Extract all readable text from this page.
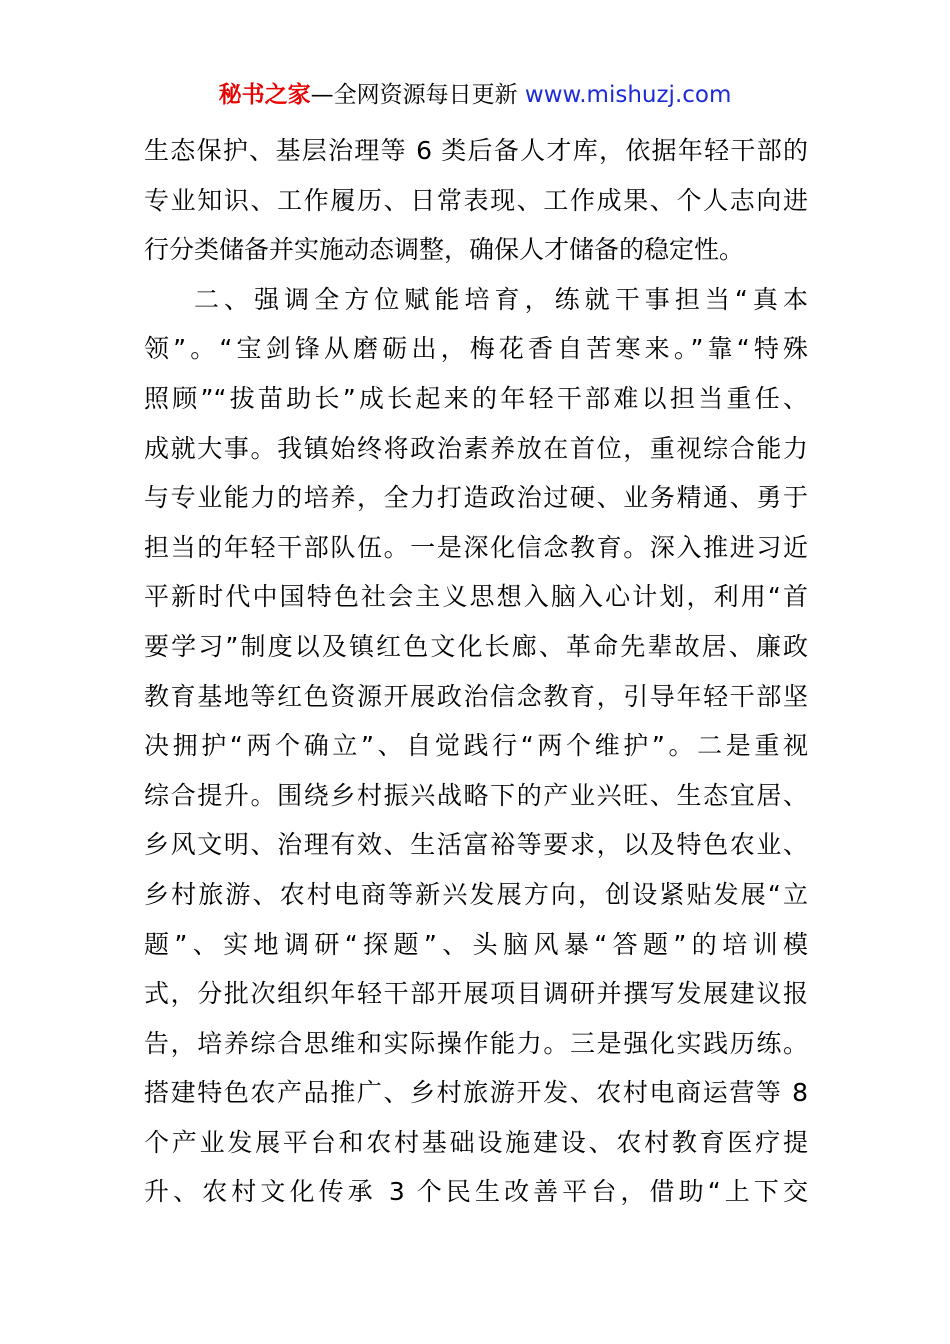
秘书之家—全网资源每日更新 www.mishuzj.com
生态保护、基层治理等 6 类后备人才库，依据年轻干部的
专业知识、工作履历、日常表现、工作成果、个人志向进
行分类储备并实施动态调整，确保人才储备的稳定性。
二、强调全方位赋能培育，练就干事担当“真本
领”。“宝剑锋从磨砺出，梅花香自苦寒来。”靠“特殊
照顾”“拔苗助长”成长起来的年轻干部难以担当重任、
成就大事。我镇始终将政治素养放在首位，重视综合能力
与专业能力的培养，全力打造政治过硬、业务精通、勇于
担当的年轻干部队伍。一是深化信念教育。深入推进习近
平新时代中国特色社会主义思想入脑入心计划，利用“首
要学习”制度以及镇红色文化长廊、革命先辈故居、廉政
教育基地等红色资源开展政治信念教育，引导年轻干部坚
决拥护“两个确立”、自觉践行“两个维护”。二是重视
综合提升。围绕乡村振兴战略下的产业兴旺、生态宜居、
乡风文明、治理有效、生活富裕等要求，以及特色农业、
乡村旅游、农村电商等新兴发展方向，创设紧贴发展“立
题”、实地调研“探题”、头脑风暴“答题”的培训模
式，分批次组织年轻干部开展项目调研并撰写发展建议报
告，培养综合思维和实际操作能力。三是强化实践历练。
搭建特色农产品推广、乡村旅游开发、农村电商运营等 8
个产业发展平台和农村基础设施建设、农村教育医疗提
升、农村文化传承 3 个民生改善平台，借助“上下交
